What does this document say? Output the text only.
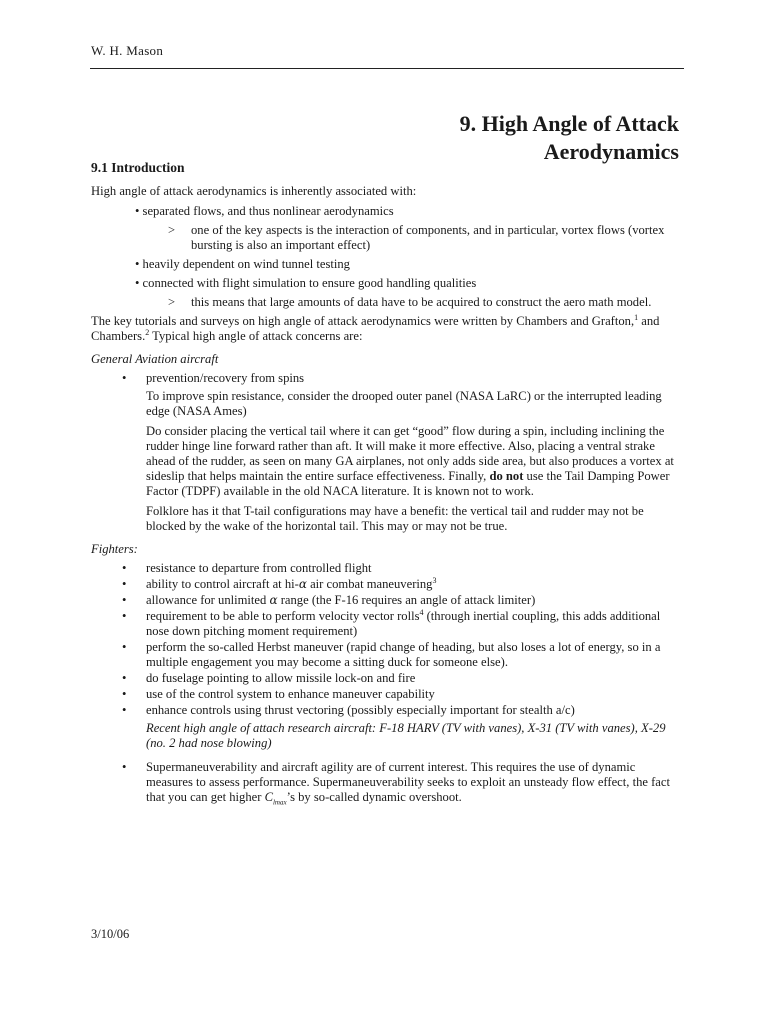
W. H. Mason
9. High Angle of Attack
Aerodynamics
9.1 Introduction
High angle of attack aerodynamics is inherently associated with:
• separated flows, and thus nonlinear aerodynamics
> one of the key aspects is the interaction of components, and in particular, vortex flows (vortex bursting is also an important effect)
• heavily dependent on wind tunnel testing
• connected with flight simulation to ensure good handling qualities
> this means that large amounts of data have to be acquired to construct the aero math model.
The key tutorials and surveys on high angle of attack aerodynamics were written by Chambers and Grafton,$^1$ and Chambers.$^2$ Typical high angle of attack concerns are:
General Aviation aircraft
• prevention/recovery from spins
To improve spin resistance, consider the drooped outer panel (NASA LaRC) or the interrupted leading edge (NASA Ames)
Do consider placing the vertical tail where it can get “good” flow during a spin, including inclining the rudder hinge line forward rather than aft. It will make it more effective. Also, placing a ventral strake ahead of the rudder, as seen on many GA airplanes, not only adds side area, but also produces a vortex at sideslip that helps maintain the entire surface effectiveness. Finally, do not use the Tail Damping Power Factor (TDPF) available in the old NACA literature. It is known not to work.
Folklore has it that T-tail configurations may have a benefit: the vertical tail and rudder may not be blocked by the wake of the horizontal tail. This may or may not be true.
Fighters:
• resistance to departure from controlled flight
• ability to control aircraft at hi-α air combat maneuvering$^3$
• allowance for unlimited α range (the F-16 requires an angle of attack limiter)
• requirement to be able to perform velocity vector rolls$^4$ (through inertial coupling, this adds additional nose down pitching moment requirement)
• perform the so-called Herbst maneuver (rapid change of heading, but also loses a lot of energy, so in a multiple engagement you may become a sitting duck for someone else).
• do fuselage pointing to allow missile lock-on and fire
• use of the control system to enhance maneuver capability
• enhance controls using thrust vectoring (possibly especially important for stealth a/c)
Recent high angle of attach research aircraft: F-18 HARV (TV with vanes), X-31 (TV with vanes), X-29 (no. 2 had nose blowing)
• Supermaneuverability and aircraft agility are of current interest. This requires the use of dynamic measures to assess performance. Supermaneuverability seeks to exploit an unsteady flow effect, the fact that you can get higher $C_{lmax}’s$ by so-called dynamic overshoot.
3/10/06
